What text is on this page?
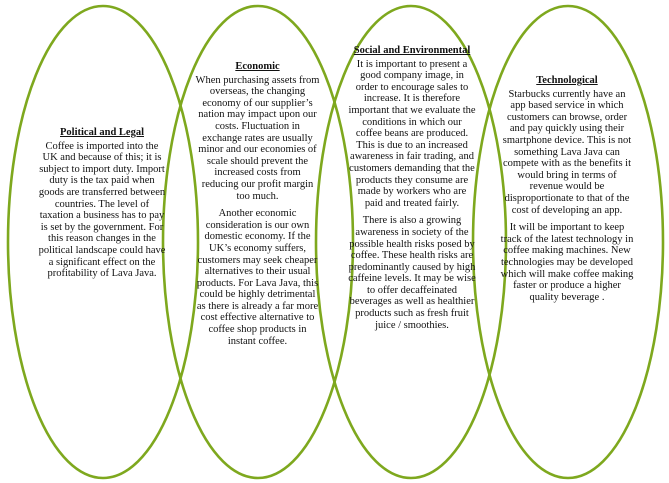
Political and Legal

Coffee is imported into the UK and because of this; it is subject to import duty. Import duty is the tax paid when goods are transferred between countries. The level of taxation a business has to pay is set by the government. For this reason changes in the political landscape could have a significant effect on the profitability of Lava Java.

Economic

When purchasing assets from overseas, the changing economy of our supplier’s nation may impact upon our costs. Fluctuation in exchange rates are usually minor and our economies of scale should prevent the increased costs from reducing our profit margin too much.

Another economic consideration is our own domestic economy. If the UK’s economy suffers, customers may seek cheaper alternatives to their usual products. For Lava Java, this could be highly detrimental as there is already a far more cost effective alternative to coffee shop products in instant coffee.

Social and Environmental

It is important to present a good company image, in order to encourage sales to increase. It is therefore important that we evaluate the conditions in which our coffee beans are produced. This is due to an increased awareness in fair trading, and customers demanding that the products they consume are made by workers who are paid and treated fairly.

There is also a growing awareness in society of the possible health risks posed by coffee. These health risks are predominantly caused by high caffeine levels. It may be wise to offer decaffeinated beverages as well as healthier products such as fresh fruit juice / smoothies.

Technological

Starbucks currently have an app based service in which customers can browse, order and pay quickly using their smartphone device. This is not something Lava Java can compete with as the benefits it would bring in terms of revenue would be disproportionate to that of the cost of developing an app.

It will be important to keep track of the latest technology in coffee making machines. New technologies may be developed which will make coffee making faster or produce a higher quality beverage .
